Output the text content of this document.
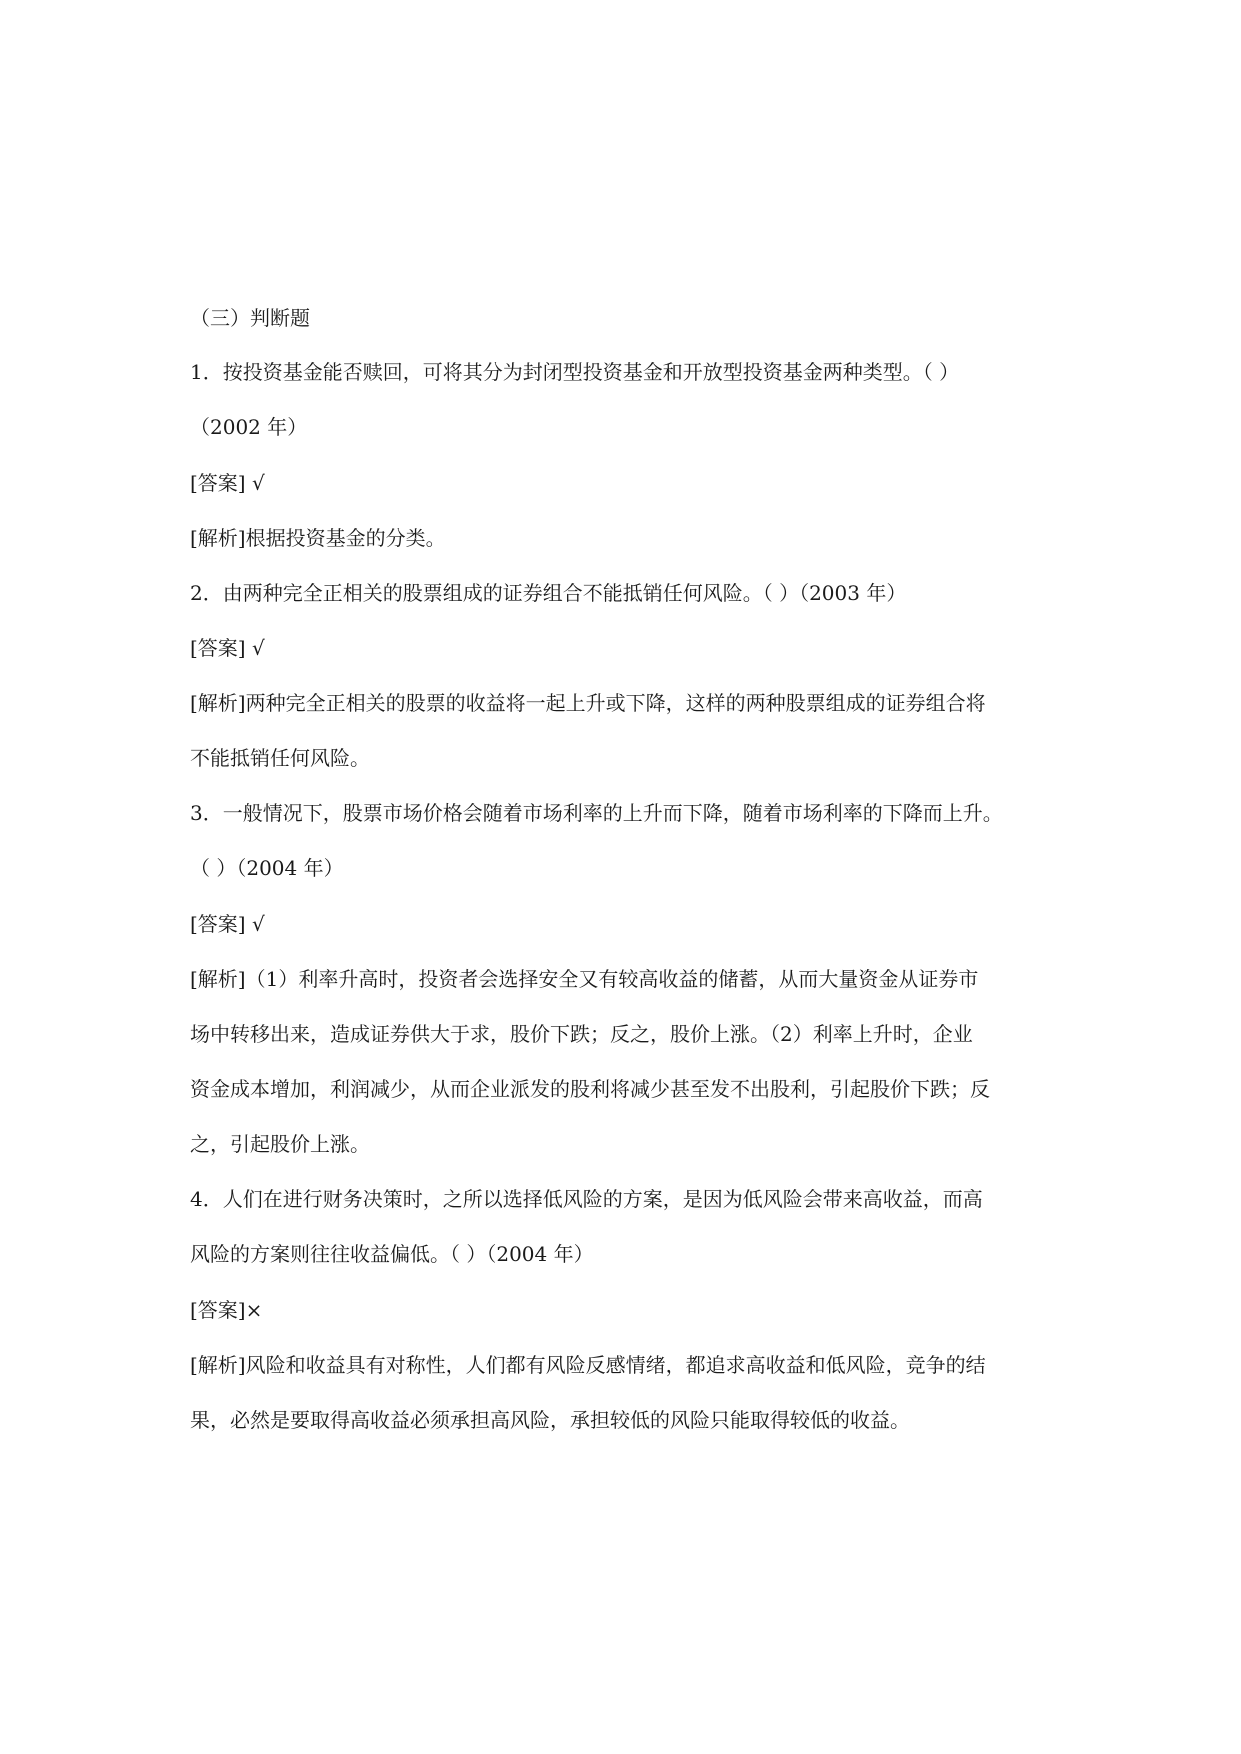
（三）判断题
1．按投资基金能否赎回，可将其分为封闭型投资基金和开放型投资基金两种类型。（ ）
（2002 年）
[答案] √
[解析]根据投资基金的分类。
2．由两种完全正相关的股票组成的证券组合不能抵销任何风险。（ ）（2003 年）
[答案] √
[解析]两种完全正相关的股票的收益将一起上升或下降，这样的两种股票组成的证券组合将
不能抵销任何风险。
3．一般情况下，股票市场价格会随着市场利率的上升而下降，随着市场利率的下降而上升。
（ ）（2004 年）
[答案] √
[解析]（1）利率升高时，投资者会选择安全又有较高收益的储蓄，从而大量资金从证券市
场中转移出来，造成证券供大于求，股价下跌；反之，股价上涨。（2）利率上升时，企业
资金成本增加，利润减少，从而企业派发的股利将减少甚至发不出股利，引起股价下跌；反
之，引起股价上涨。
4．人们在进行财务决策时，之所以选择低风险的方案，是因为低风险会带来高收益，而高
风险的方案则往往收益偏低。（ ）（2004 年）
[答案]×
[解析]风险和收益具有对称性，人们都有风险反感情绪，都追求高收益和低风险，竞争的结
果，必然是要取得高收益必须承担高风险，承担较低的风险只能取得较低的收益。
